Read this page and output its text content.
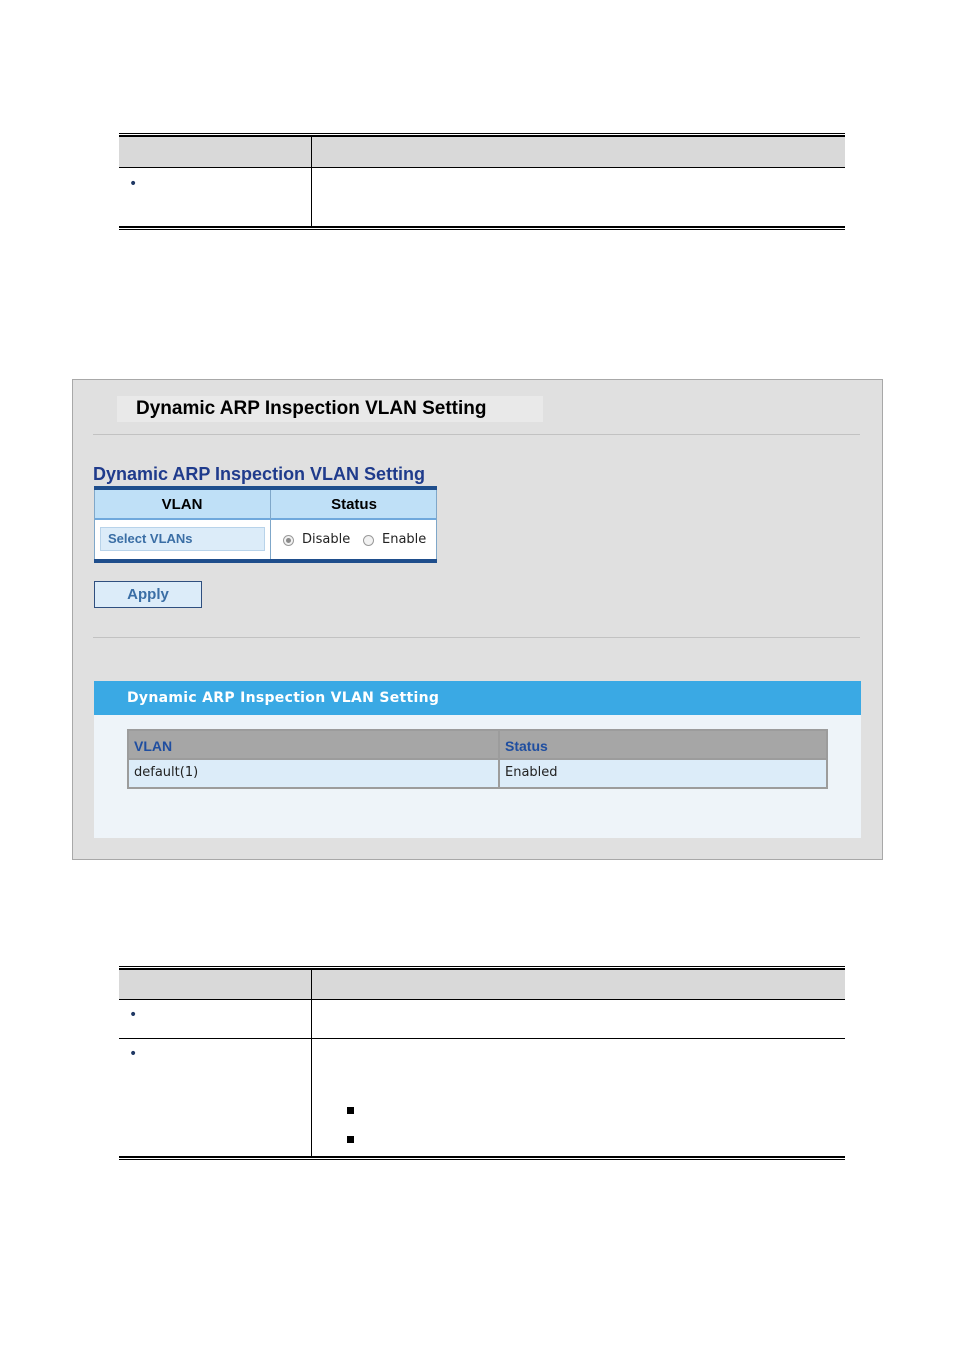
•
Dynamic ARP Inspection VLAN Setting
Dynamic ARP Inspection VLAN Setting
VLAN	Status
Select VLANs	Disable Enable
Apply
Dynamic ARP Inspection VLAN Setting
VLAN	Status
default(1)	Enabled
•
•
